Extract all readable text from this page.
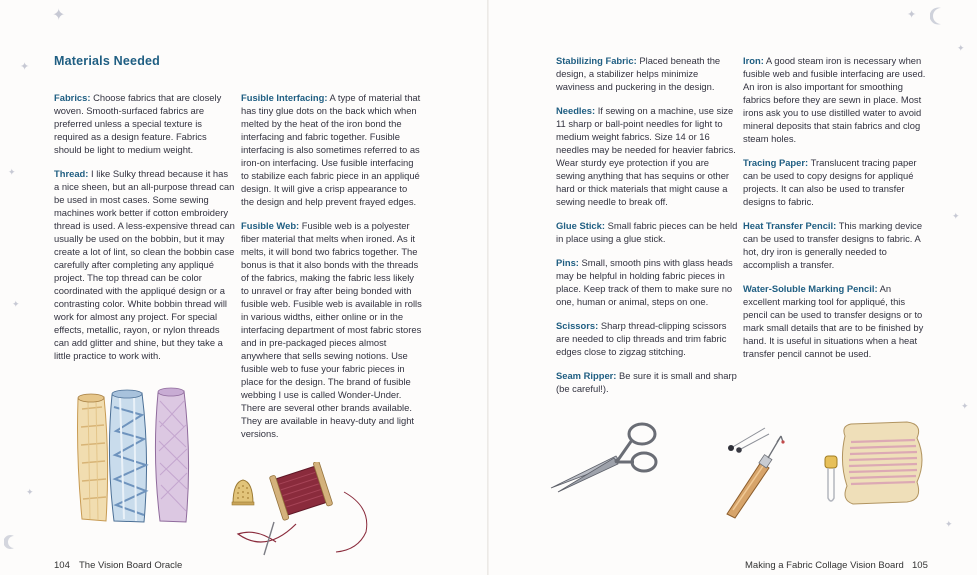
Materials Needed

Fabrics: Choose fabrics that are closely woven. Smooth-surfaced fabrics are preferred unless a special texture is required as a design feature. Fabrics should be light to medium weight.

Thread: I like Sulky thread because it has a nice sheen, but an all-purpose thread can be used in most cases. Some sewing machines work better if cotton embroidery thread is used. A less-expensive thread can usually be used on the bobbin, but it may create a lot of lint, so clean the bobbin case carefully after completing any appliqué project. The top thread can be color coordinated with the appliqué design or a contrasting color. White bobbin thread will work for almost any project. For special effects, metallic, rayon, or nylon threads can add glitter and shine, but they take a little practice to work with.

Fusible Interfacing: A type of material that has tiny glue dots on the back which when melted by the heat of the iron bond the interfacing and fabric together. Fusible interfacing is also sometimes referred to as iron-on interfacing. Use fusible interfacing to stabilize each fabric piece in an appliqué design. It will give a crisp appearance to the design and help prevent frayed edges.

Fusible Web: Fusible web is a polyester fiber material that melts when ironed. As it melts, it will bond two fabrics together. The bonus is that it also bonds with the threads of the fabrics, making the fabric less likely to unravel or fray after being bonded with fusible web. Fusible web is available in rolls in various widths, either online or in the interfacing department of most fabric stores and in pre-packaged pieces almost anywhere that sells sewing notions. Use fusible web to fuse your fabric pieces in place for the design. The brand of fusible webbing I use is called Wonder-Under. There are several other brands available. They are available in heavy-duty and light versions.

104 The Vision Board Oracle
✦
✦
✦
✦
✦

Stabilizing Fabric: Placed beneath the design, a stabilizer helps minimize waviness and puckering in the design.

Needles: If sewing on a machine, use size 11 sharp or ball-point needles for light to medium weight fabrics. Size 14 or 16 needles may be needed for heavier fabrics. Wear sturdy eye protection if you are sewing anything that has sequins or other hard or thick materials that might cause a sewing needle to break off.

Glue Stick: Small fabric pieces can be held in place using a glue stick.

Pins: Small, smooth pins with glass heads may be helpful in holding fabric pieces in place. Keep track of them to make sure no one, human or animal, steps on one.

Scissors: Sharp thread-clipping scissors are needed to clip threads and trim fabric edges close to zigzag stitching.

Seam Ripper: Be sure it is small and sharp (be careful!).

Iron: A good steam iron is necessary when fusible web and fusible interfacing are used. An iron is also important for smoothing fabrics before they are sewn in place. Most irons ask you to use distilled water to avoid mineral deposits that stain fabrics and clog steam holes.

Tracing Paper: Translucent tracing paper can be used to copy designs for appliqué projects. It can also be used to transfer designs to fabric.

Heat Transfer Pencil: This marking device can be used to transfer designs to fabric. A hot, dry iron is generally needed to accomplish a transfer.

Water-Soluble Marking Pencil: An excellent marking tool for appliqué, this pencil can be used to transfer designs or to mark small details that are to be finished by hand. It is useful in situations when a heat transfer pencil cannot be used.

Making a Fabric Collage Vision Board 105
✦
✦
✦
✦
✦
